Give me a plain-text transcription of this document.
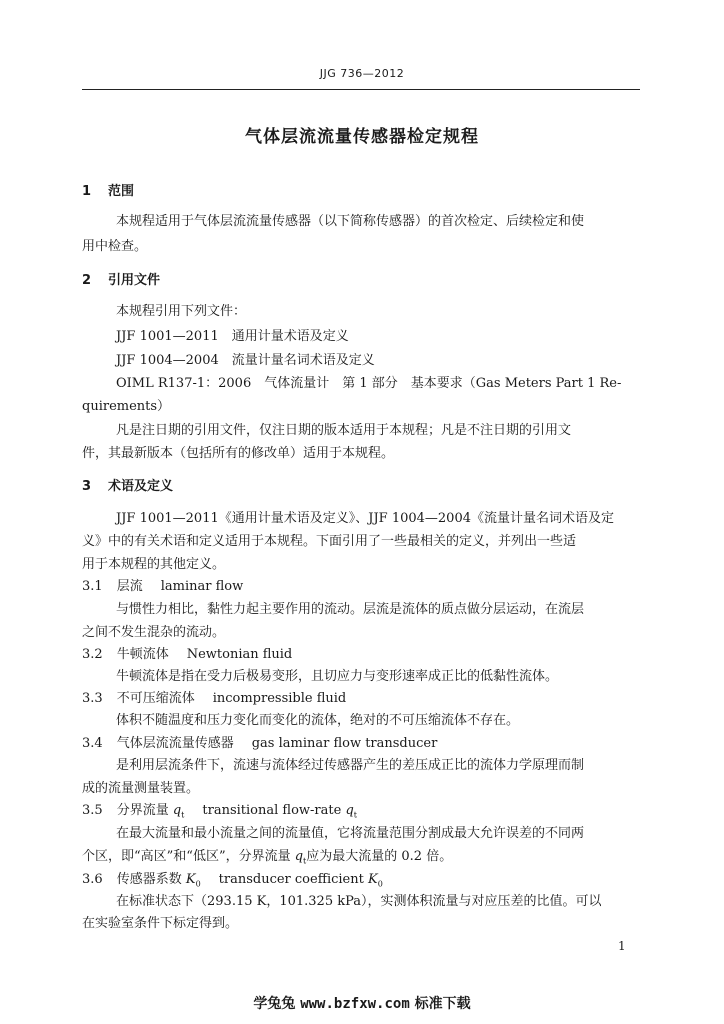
JJG 736—2012
气体层流流量传感器检定规程
1 范围
本规程适用于气体层流流量传感器（以下简称传感器）的首次检定、后续检定和使
用中检查。
2 引用文件
本规程引用下列文件：
JJF 1001—2011　通用计量术语及定义
JJF 1004—2004　流量计量名词术语及定义
OIML R137-1：2006　气体流量计　第 1 部分　基本要求（Gas Meters Part 1 Re-
quirements）
凡是注日期的引用文件，仅注日期的版本适用于本规程；凡是不注日期的引用文
件，其最新版本（包括所有的修改单）适用于本规程。
3 术语及定义
JJF 1001—2011《通用计量术语及定义》、JJF 1004—2004《流量计量名词术语及定
义》中的有关术语和定义适用于本规程。下面引用了一些最相关的定义，并列出一些适
用于本规程的其他定义。
3.1 层流 laminar flow
与惯性力相比，黏性力起主要作用的流动。层流是流体的质点做分层运动，在流层
之间不发生混杂的流动。
3.2 牛顿流体 Newtonian fluid
牛顿流体是指在受力后极易变形，且切应力与变形速率成正比的低黏性流体。
3.3 不可压缩流体 incompressible fluid
体积不随温度和压力变化而变化的流体，绝对的不可压缩流体不存在。
3.4 气体层流流量传感器 gas laminar flow transducer
是利用层流条件下，流速与流体经过传感器产生的差压成正比的流体力学原理而制
成的流量测量装置。
3.5 分界流量 $q_t$ transitional flow-rate $q_t$
在最大流量和最小流量之间的流量值，它将流量范围分割成最大允许误差的不同两
个区，即“高区”和“低区”，分界流量 $q_t$应为最大流量的 0.2 倍。
3.6 传感器系数 $K_0$ transducer coefficient $K_0$
在标准状态下（293.15 K，101.325 kPa），实测体积流量与对应压差的比值。可以
在实验室条件下标定得到。
1
学兔兔 www.bzfxw.com 标准下载
